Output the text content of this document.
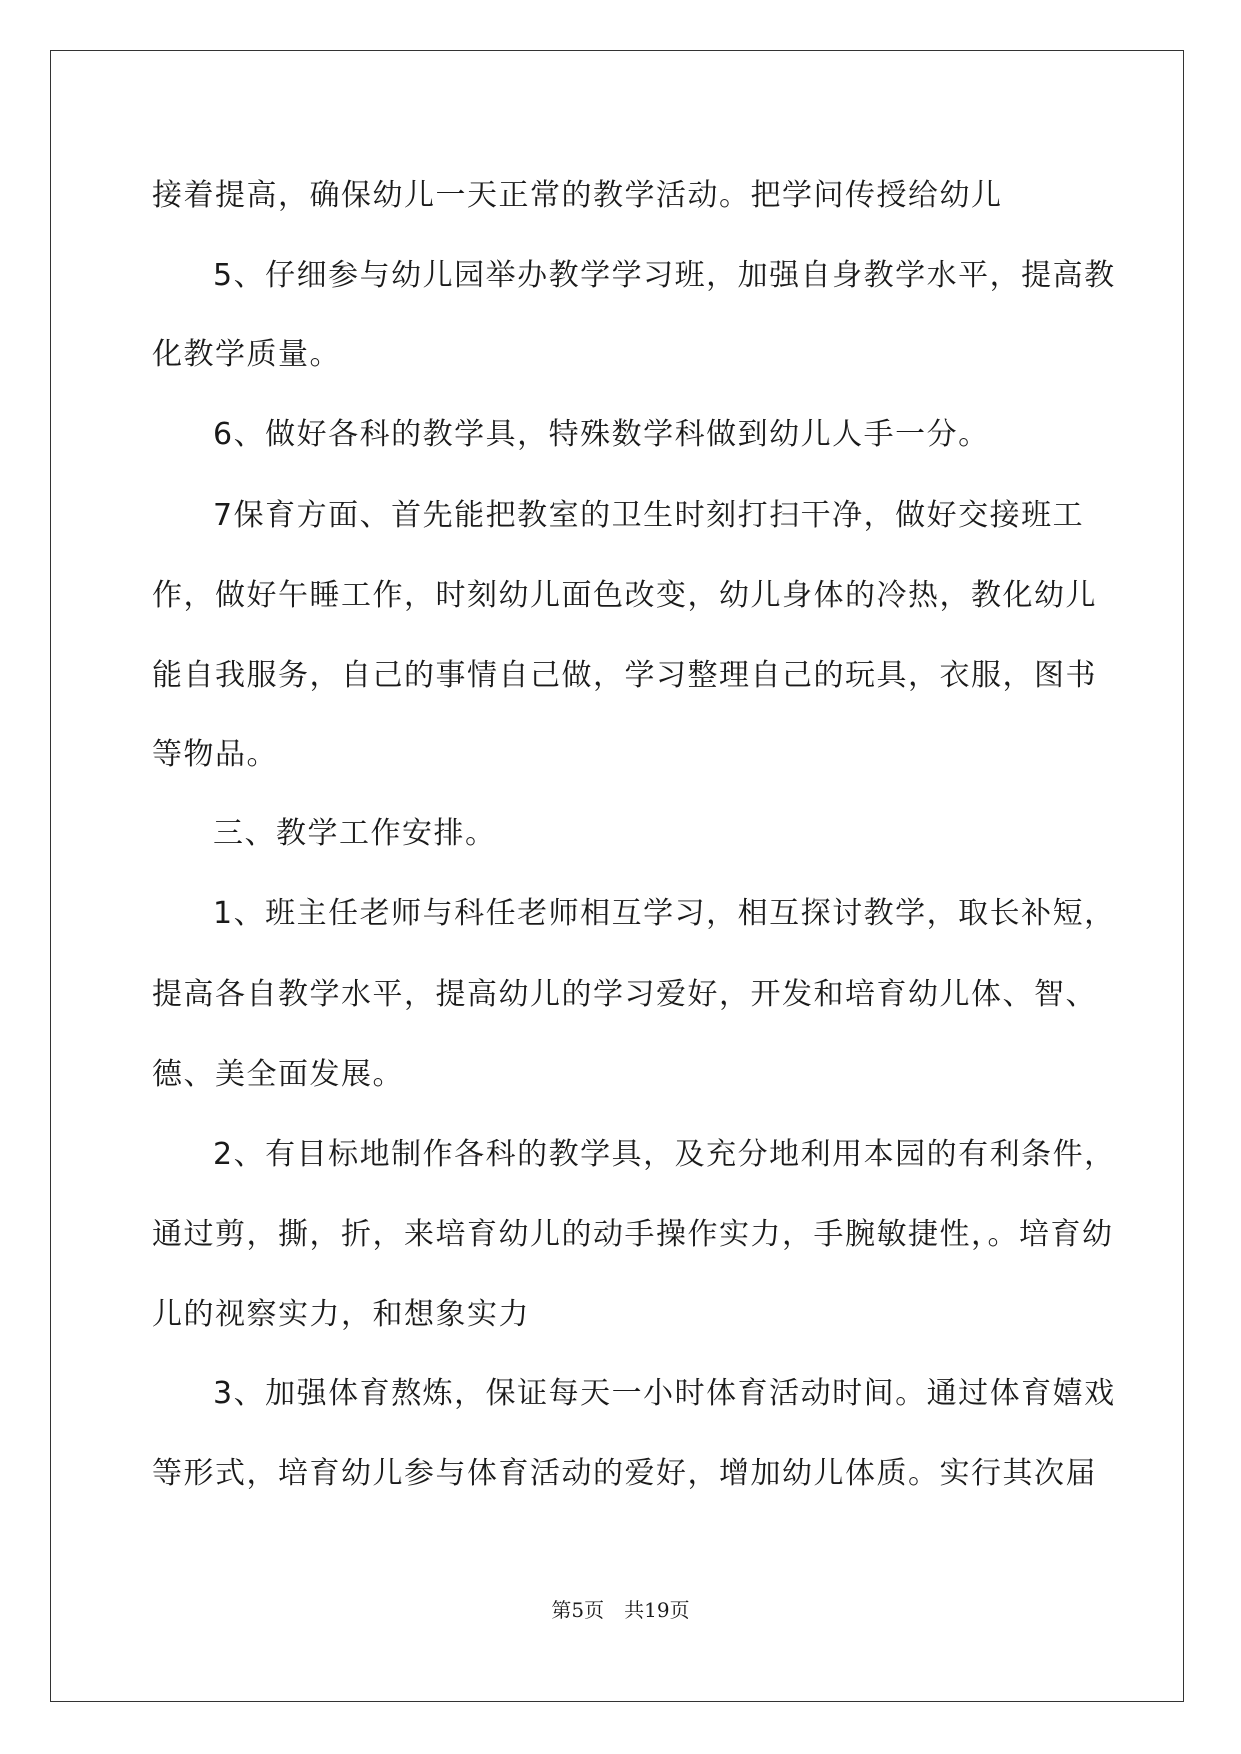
接着提高，确保幼儿一天正常的教学活动。把学问传授给幼儿

5、仔细参与幼儿园举办教学学习班，加强自身教学水平，提高教

化教学质量。

6、做好各科的教学具，特殊数学科做到幼儿人手一分。

7保育方面、首先能把教室的卫生时刻打扫干净，做好交接班工

作，做好午睡工作，时刻幼儿面色改变，幼儿身体的冷热，教化幼儿

能自我服务，自己的事情自己做，学习整理自己的玩具，衣服，图书

等物品。

三、教学工作安排。

1、班主任老师与科任老师相互学习，相互探讨教学，取长补短，

提高各自教学水平，提高幼儿的学习爱好，开发和培育幼儿体、智、

德、美全面发展。

2、有目标地制作各科的教学具，及充分地利用本园的有利条件，

通过剪，撕，折，来培育幼儿的动手操作实力，手腕敏捷性，。培育幼

儿的视察实力，和想象实力

3、加强体育熬炼，保证每天一小时体育活动时间。通过体育嬉戏

等形式，培育幼儿参与体育活动的爱好，增加幼儿体质。实行其次届

第5页 共19页
